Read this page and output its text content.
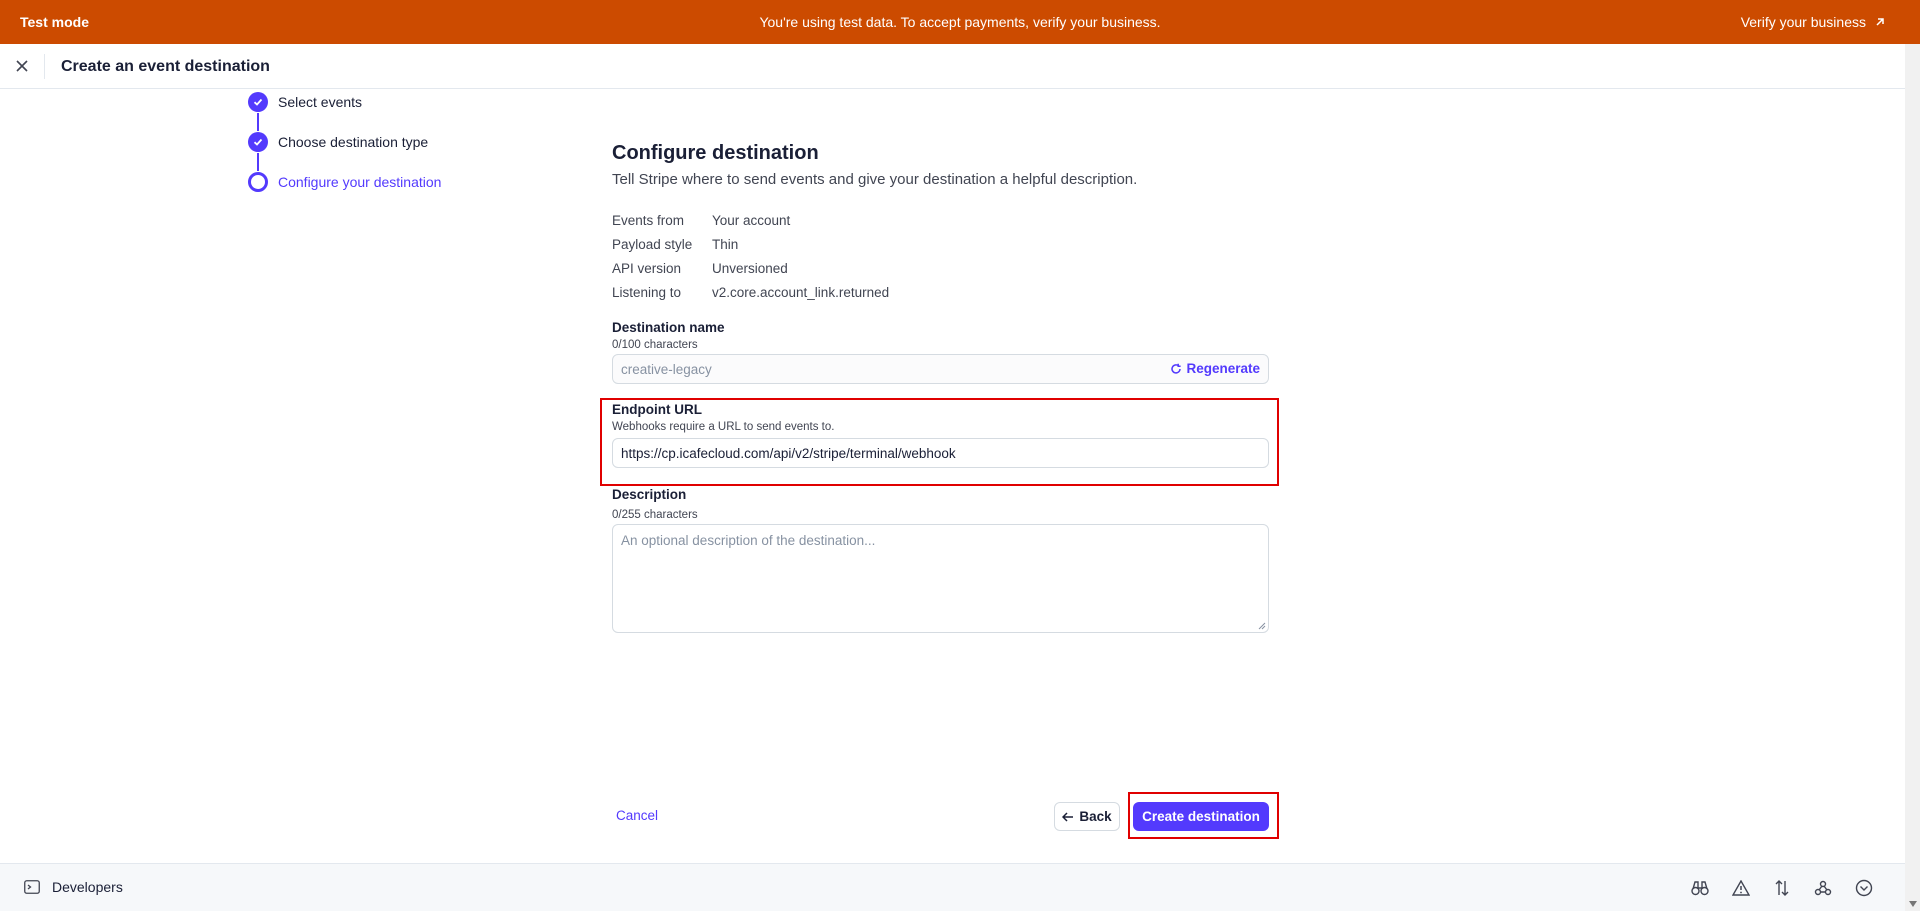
Test mode	You're using test data. To accept payments, verify your business.	Verify your business
Create an event destination
Select events
Choose destination type
Configure your destination
Configure destination
Tell Stripe where to send events and give your destination a helpful description.
Events from	Your account
Payload style	Thin
API version	Unversioned
Listening to	v2.core.account_link.returned
Destination name
0/100 characters
creative-legacy	Regenerate
Endpoint URL
Webhooks require a URL to send events to.
https://cp.icafecloud.com/api/v2/stripe/terminal/webhook
Description
0/255 characters
An optional description of the destination...
Cancel	Back	Create destination
Developers
